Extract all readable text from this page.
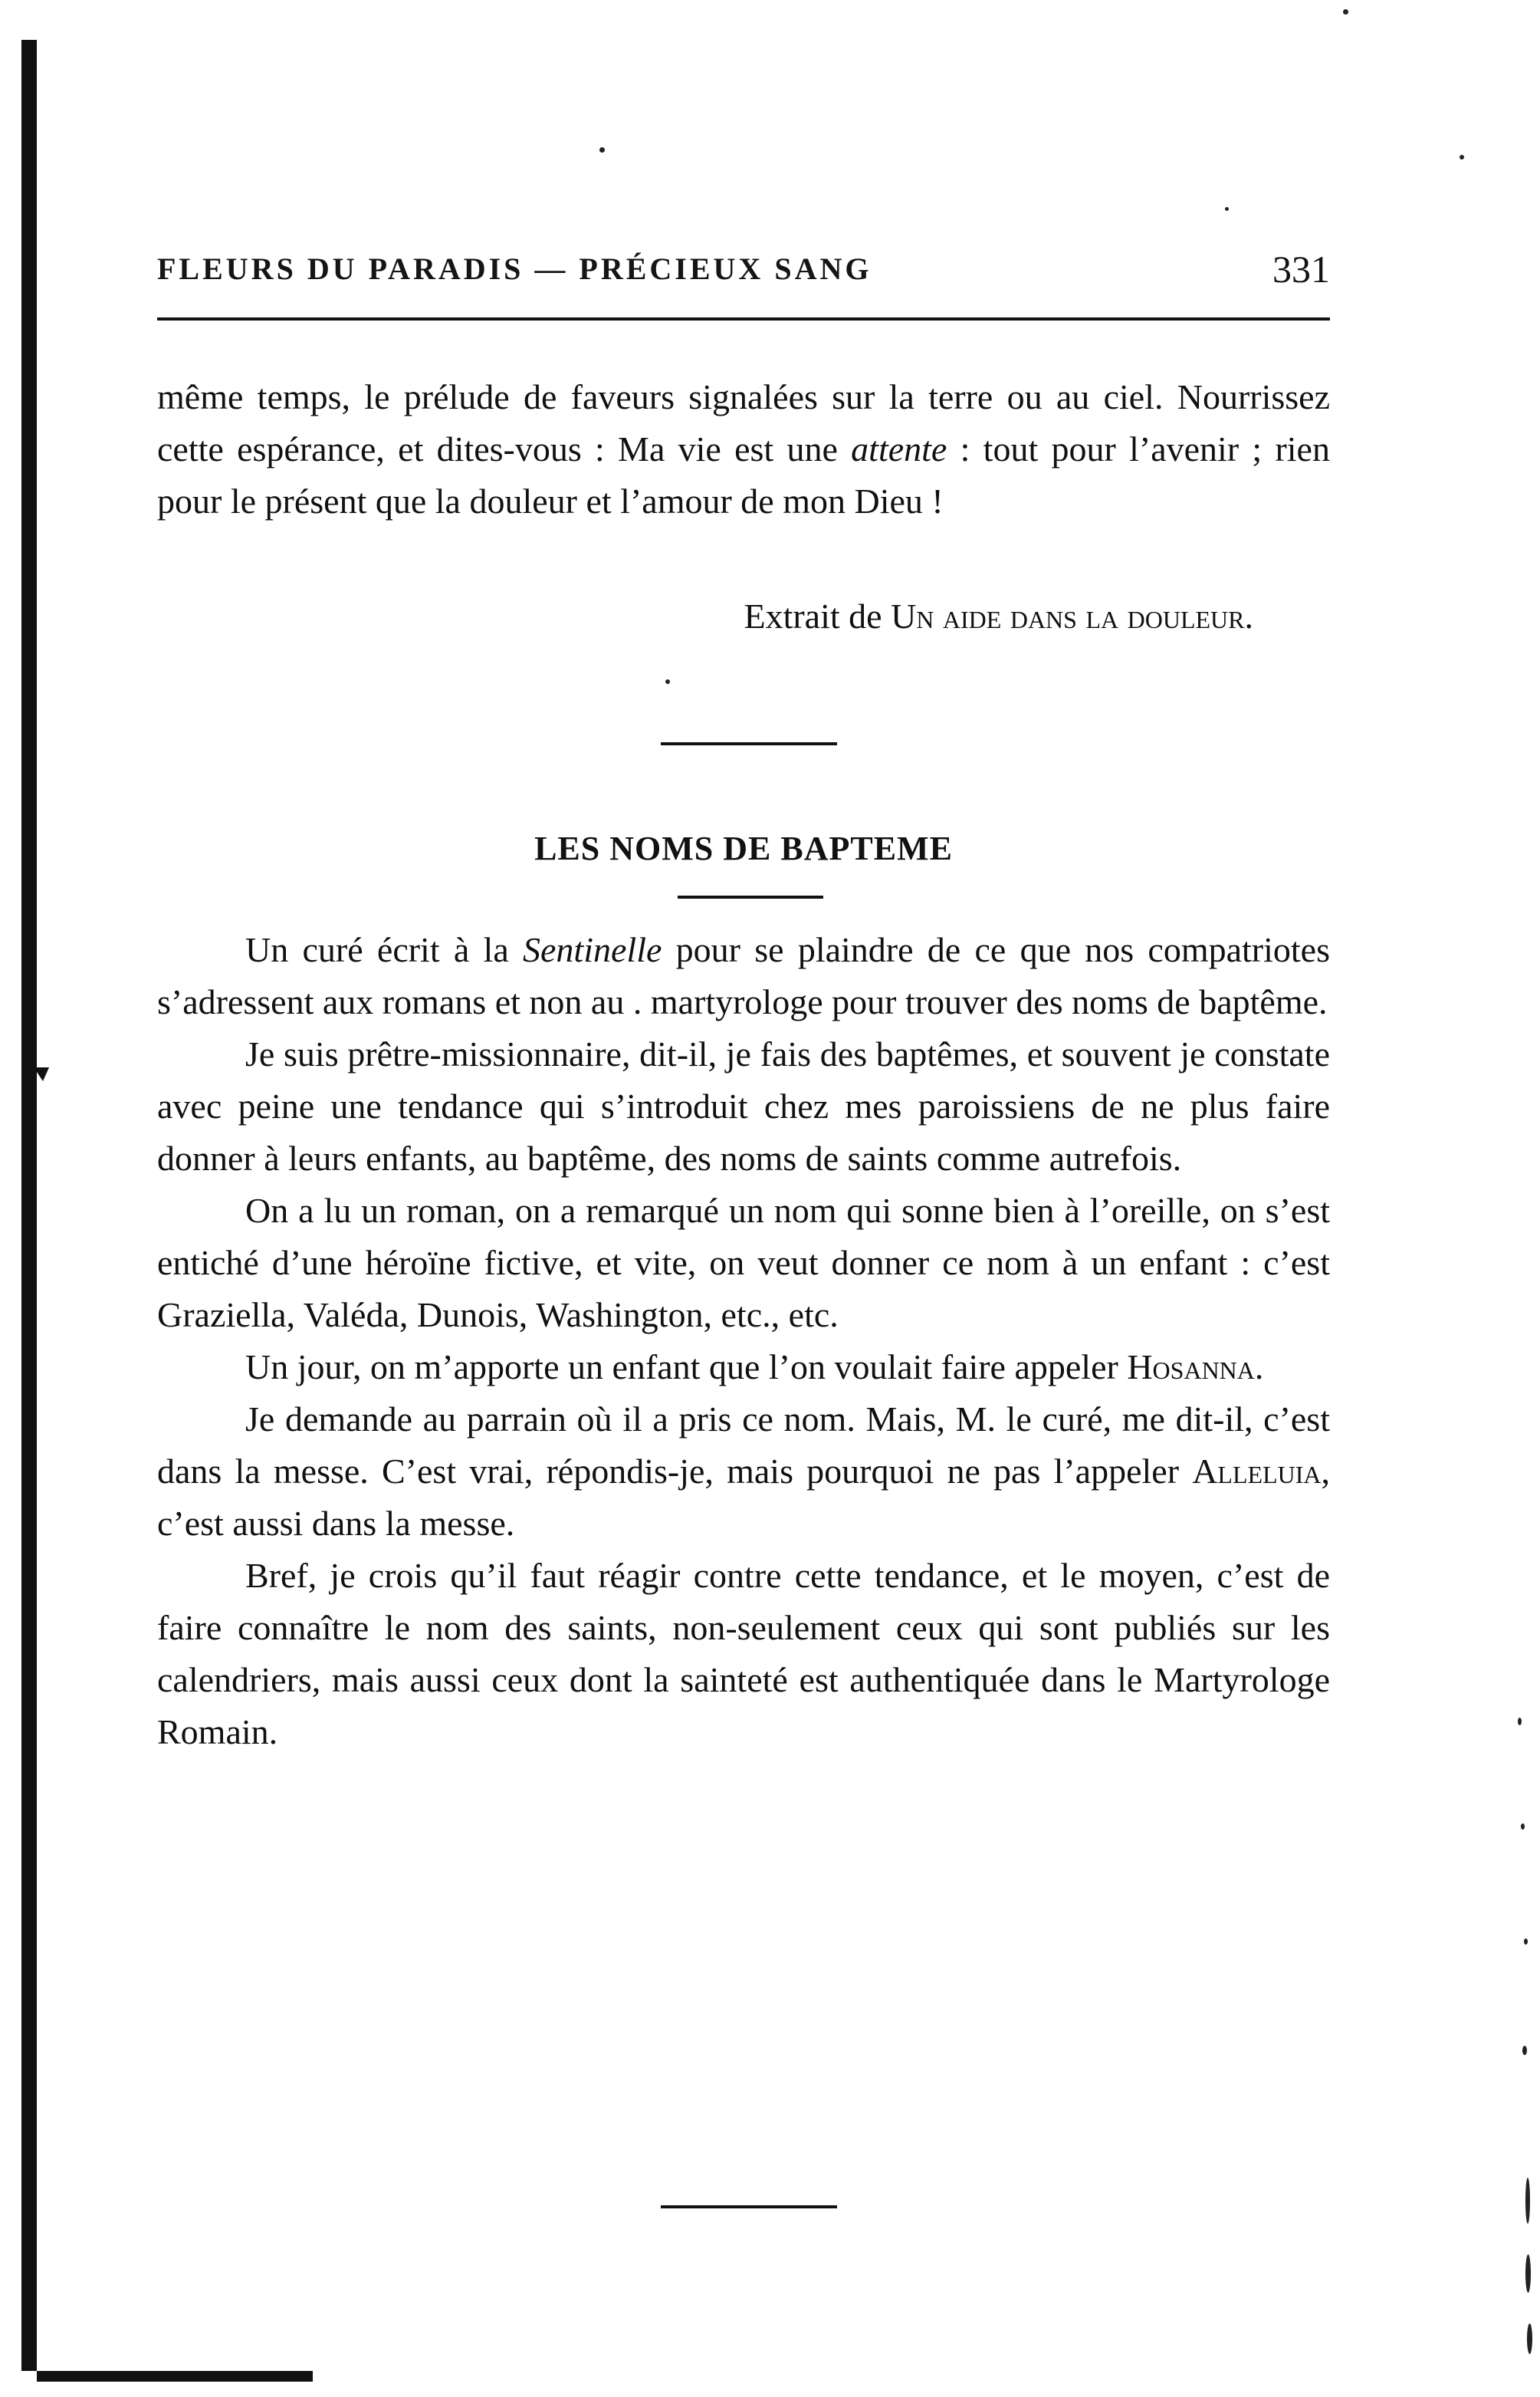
FLEURS DU PARADIS — PRÉCIEUX SANG	331

même temps, le prélude de faveurs signalées sur la terre ou au ciel. Nourrissez cette espérance, et dites-vous : Ma vie est une attente : tout pour l’avenir ; rien pour le présent que la douleur et l’amour de mon Dieu !

Extrait de Un aide dans la douleur.
LES NOMS DE BAPTEME

Un curé écrit à la Sentinelle pour se plaindre de ce que nos compatriotes s’adressent aux romans et non au . martyrologe pour trouver des noms de baptême.

Je suis prêtre-missionnaire, dit-il, je fais des baptêmes, et souvent je constate avec peine une tendance qui s’introduit chez mes paroissiens de ne plus faire donner à leurs enfants, au baptême, des noms de saints comme autrefois.

On a lu un roman, on a remarqué un nom qui sonne bien à l’oreille, on s’est entiché d’une héroïne fictive, et vite, on veut donner ce nom à un enfant : c’est Graziella, Valéda, Dunois, Washington, etc., etc.

Un jour, on m’apporte un enfant que l’on voulait faire appeler Hosanna.

Je demande au parrain où il a pris ce nom. Mais, M. le curé, me dit-il, c’est dans la messe. C’est vrai, répondis-je, mais pourquoi ne pas l’appeler Alleluia, c’est aussi dans la messe.

Bref, je crois qu’il faut réagir contre cette tendance, et le moyen, c’est de faire connaître le nom des saints, non-seulement ceux qui sont publiés sur les calendriers, mais aussi ceux dont la sainteté est authentiquée dans le Martyrologe Romain.
